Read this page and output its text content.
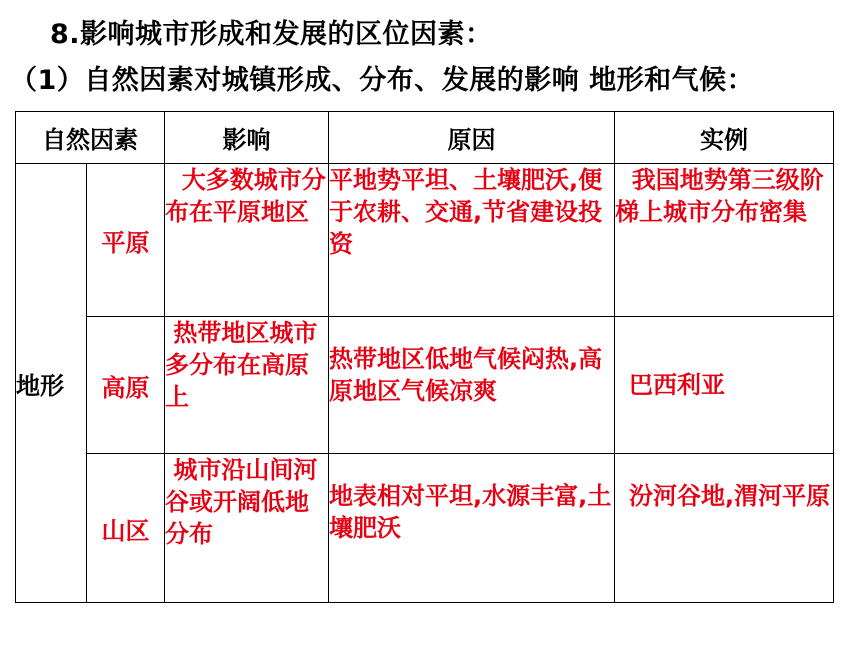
8.影响城市形成和发展的区位因素：
（1）自然因素对城镇形成、分布、发展的影响 地形和气候：
自然因素		影响	原因	实例
地形	平原	大多数城市分布在平原地区	平地势平坦、土壤肥沃,便于农耕、交通,节省建设投资	我国地势第三级阶梯上城市分布密集
	高原	热带地区城市多分布在高原上	热带地区低地气候闷热,高原地区气候凉爽	巴西利亚
	山区	城市沿山间河谷或开阔低地分布	地表相对平坦,水源丰富,土壤肥沃	汾河谷地,渭河平原
